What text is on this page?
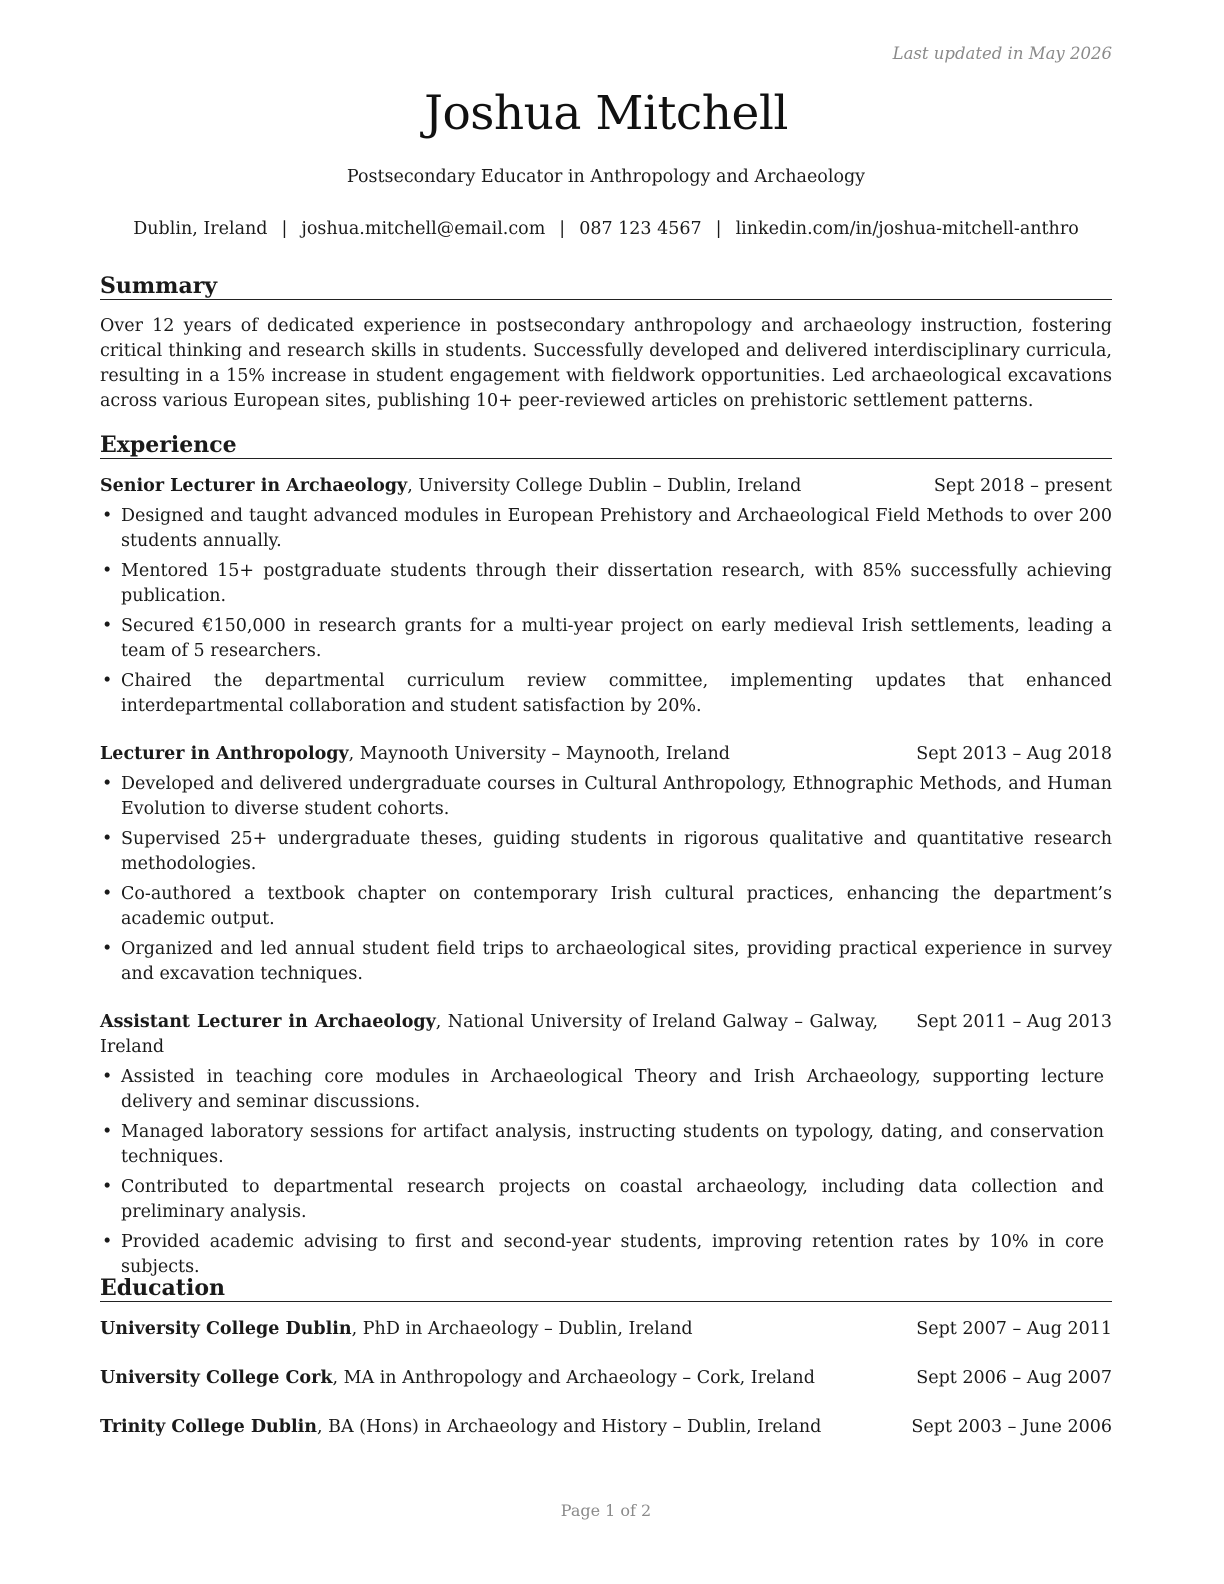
Last updated in May 2026
Joshua Mitchell
Postsecondary Educator in Anthropology and Archaeology
Dublin, Ireland | joshua.mitchell@email.com | 087 123 4567 | linkedin.com/in/joshua-mitchell-anthro
Summary
Over 12 years of dedicated experience in postsecondary anthropology and archaeology instruction, fostering critical thinking and research skills in students. Successfully developed and delivered interdisciplinary curricula, resulting in a 15% increase in student engagement with fieldwork opportunities. Led archaeological excavations across various European sites, publishing 10+ peer-reviewed articles on prehistoric settlement patterns.
Experience
Senior Lecturer in Archaeology, University College Dublin – Dublin, Ireland	Sept 2018 – present
• Designed and taught advanced modules in European Prehistory and Archaeological Field Methods to over 200 students annually.
• Mentored 15+ postgraduate students through their dissertation research, with 85% successfully achieving publication.
• Secured €150,000 in research grants for a multi-year project on early medieval Irish settlements, leading a team of 5 researchers.
• Chaired the departmental curriculum review committee, implementing updates that enhanced interdepartmental collaboration and student satisfaction by 20%.
Lecturer in Anthropology, Maynooth University – Maynooth, Ireland	Sept 2013 – Aug 2018
• Developed and delivered undergraduate courses in Cultural Anthropology, Ethnographic Methods, and Human Evolution to diverse student cohorts.
• Supervised 25+ undergraduate theses, guiding students in rigorous qualitative and quantitative research methodologies.
• Co-authored a textbook chapter on contemporary Irish cultural practices, enhancing the department’s academic output.
• Organized and led annual student field trips to archaeological sites, providing practical experience in survey and excavation techniques.
Assistant Lecturer in Archaeology, National University of Ireland Galway – Galway, Ireland
Sept 2011 – Aug 2013
• Assisted in teaching core modules in Archaeological Theory and Irish Archaeology, supporting lecture delivery and seminar discussions.
• Managed laboratory sessions for artifact analysis, instructing students on typology, dating, and conservation techniques.
• Contributed to departmental research projects on coastal archaeology, including data collection and preliminary analysis.
• Provided academic advising to first and second-year students, improving retention rates by 10% in core subjects.
Education
University College Dublin, PhD in Archaeology – Dublin, Ireland	Sept 2007 – Aug 2011
University College Cork, MA in Anthropology and Archaeology – Cork, Ireland	Sept 2006 – Aug 2007
Trinity College Dublin, BA (Hons) in Archaeology and History – Dublin, Ireland	Sept 2003 – June 2006
Page 1 of 2
